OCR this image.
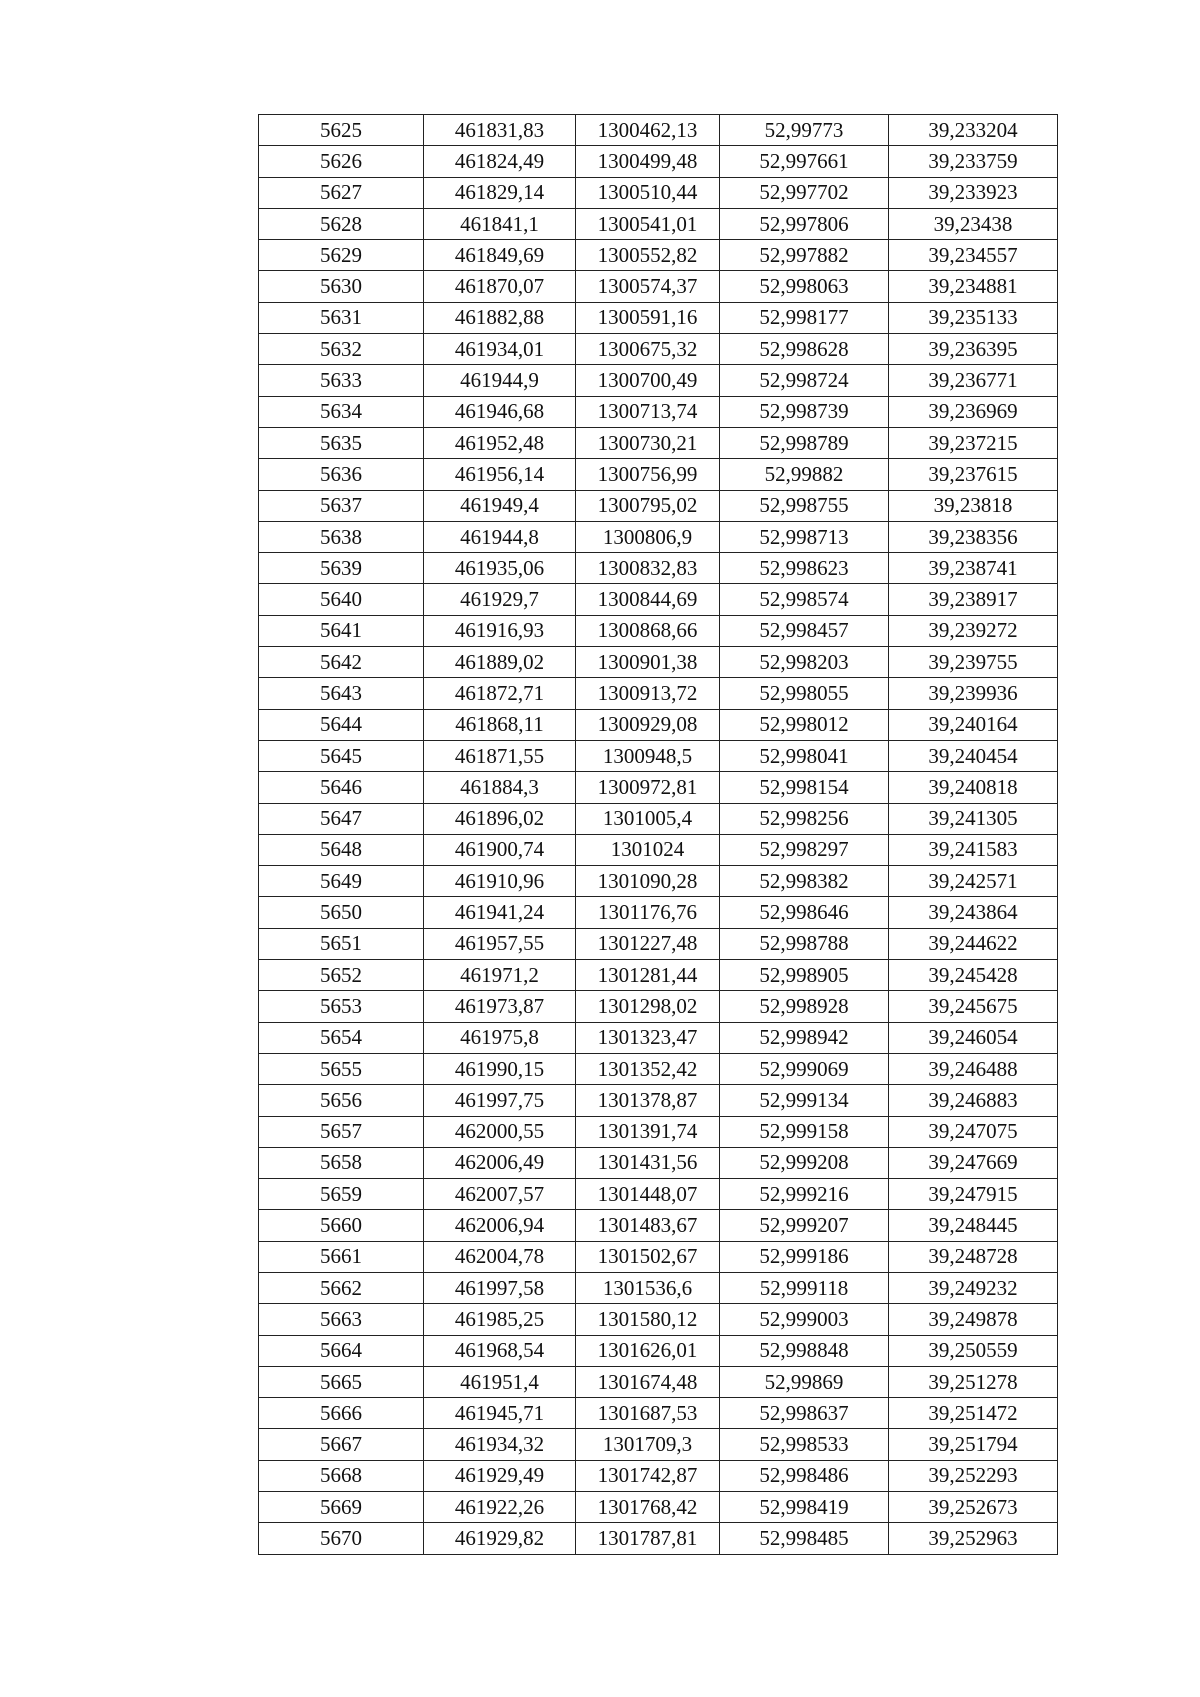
5625	461831,83	1300462,13	52,99773	39,233204
5626	461824,49	1300499,48	52,997661	39,233759
5627	461829,14	1300510,44	52,997702	39,233923
5628	461841,1	1300541,01	52,997806	39,23438
5629	461849,69	1300552,82	52,997882	39,234557
5630	461870,07	1300574,37	52,998063	39,234881
5631	461882,88	1300591,16	52,998177	39,235133
5632	461934,01	1300675,32	52,998628	39,236395
5633	461944,9	1300700,49	52,998724	39,236771
5634	461946,68	1300713,74	52,998739	39,236969
5635	461952,48	1300730,21	52,998789	39,237215
5636	461956,14	1300756,99	52,99882	39,237615
5637	461949,4	1300795,02	52,998755	39,23818
5638	461944,8	1300806,9	52,998713	39,238356
5639	461935,06	1300832,83	52,998623	39,238741
5640	461929,7	1300844,69	52,998574	39,238917
5641	461916,93	1300868,66	52,998457	39,239272
5642	461889,02	1300901,38	52,998203	39,239755
5643	461872,71	1300913,72	52,998055	39,239936
5644	461868,11	1300929,08	52,998012	39,240164
5645	461871,55	1300948,5	52,998041	39,240454
5646	461884,3	1300972,81	52,998154	39,240818
5647	461896,02	1301005,4	52,998256	39,241305
5648	461900,74	1301024	52,998297	39,241583
5649	461910,96	1301090,28	52,998382	39,242571
5650	461941,24	1301176,76	52,998646	39,243864
5651	461957,55	1301227,48	52,998788	39,244622
5652	461971,2	1301281,44	52,998905	39,245428
5653	461973,87	1301298,02	52,998928	39,245675
5654	461975,8	1301323,47	52,998942	39,246054
5655	461990,15	1301352,42	52,999069	39,246488
5656	461997,75	1301378,87	52,999134	39,246883
5657	462000,55	1301391,74	52,999158	39,247075
5658	462006,49	1301431,56	52,999208	39,247669
5659	462007,57	1301448,07	52,999216	39,247915
5660	462006,94	1301483,67	52,999207	39,248445
5661	462004,78	1301502,67	52,999186	39,248728
5662	461997,58	1301536,6	52,999118	39,249232
5663	461985,25	1301580,12	52,999003	39,249878
5664	461968,54	1301626,01	52,998848	39,250559
5665	461951,4	1301674,48	52,99869	39,251278
5666	461945,71	1301687,53	52,998637	39,251472
5667	461934,32	1301709,3	52,998533	39,251794
5668	461929,49	1301742,87	52,998486	39,252293
5669	461922,26	1301768,42	52,998419	39,252673
5670	461929,82	1301787,81	52,998485	39,252963
